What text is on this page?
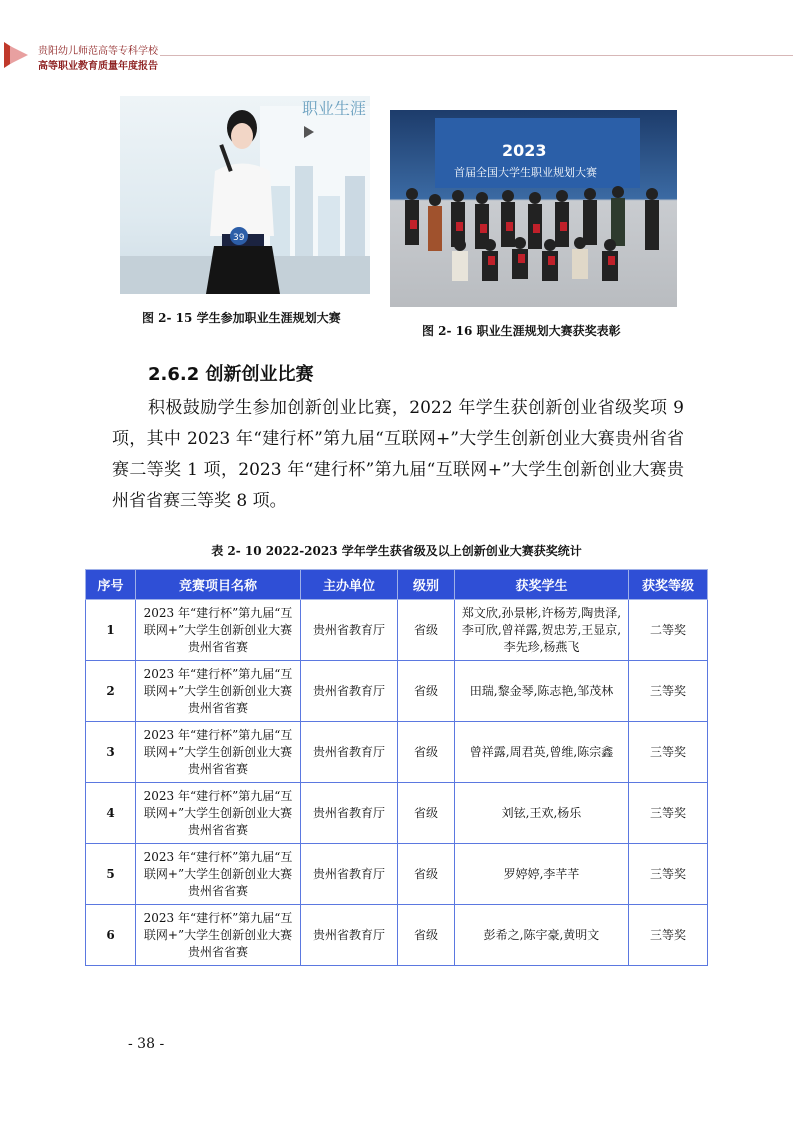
贵阳幼儿师范高等专科学校
高等职业教育质量年度报告
职业生涯
39
2023
首届全国大学生职业规划大赛
图 2- 15 学生参加职业生涯规划大赛
图 2- 16 职业生涯规划大赛获奖表彰
2.6.2 创新创业比赛
积极鼓励学生参加创新创业比赛，2022 年学生获创新创业省级奖项 9 项，其中 2023 年“建行杯”第九届“互联网+”大学生创新创业大赛贵州省省赛二等奖 1 项，2023 年“建行杯”第九届“互联网+”大学生创新创业大赛贵州省省赛三等奖 8 项。
表 2- 10 2022-2023 学年学生获省级及以上创新创业大赛获奖统计
序号	竞赛项目名称	主办单位	级别	获奖学生	获奖等级
1	2023 年“建行杯”第九届“互联网+”大学生创新创业大赛贵州省省赛	贵州省教育厅	省级	郑文欣,孙景彬,许杨芳,陶贵泽,李可欣,曾祥露,贺忠芳,王显京,李先珍,杨燕飞	二等奖
2	2023 年“建行杯”第九届“互联网+”大学生创新创业大赛贵州省省赛	贵州省教育厅	省级	田瑞,黎金琴,陈志艳,邹茂林	三等奖
3	2023 年“建行杯”第九届“互联网+”大学生创新创业大赛贵州省省赛	贵州省教育厅	省级	曾祥露,周君英,曾维,陈宗鑫	三等奖
4	2023 年“建行杯”第九届“互联网+”大学生创新创业大赛贵州省省赛	贵州省教育厅	省级	刘铉,王欢,杨乐	三等奖
5	2023 年“建行杯”第九届“互联网+”大学生创新创业大赛贵州省省赛	贵州省教育厅	省级	罗婷婷,李芊芊	三等奖
6	2023 年“建行杯”第九届“互联网+”大学生创新创业大赛贵州省省赛	贵州省教育厅	省级	彭希之,陈宇豪,黄明文	三等奖
- 38 -
